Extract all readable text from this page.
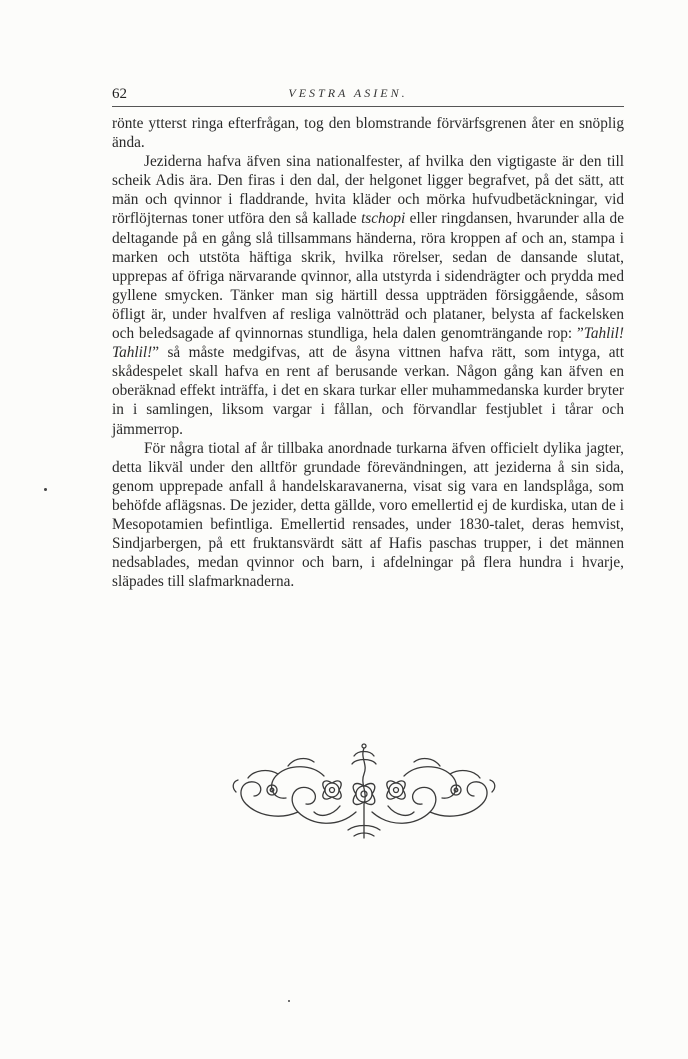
62	VESTRA ASIEN.

rönte ytterst ringa efterfrågan, tog den blomstrande förvärfsgrenen åter en snöplig ända.

Jeziderna hafva äfven sina nationalfester, af hvilka den vigtigaste är den till scheik Adis ära. Den firas i den dal, der helgonet ligger begrafvet, på det sätt, att män och qvinnor i fladdrande, hvita kläder och mörka hufvudbetäckningar, vid rörflöjternas toner utföra den så kallade tschopi eller ringdansen, hvarunder alla de deltagande på en gång slå tillsammans händerna, röra kroppen af och an, stampa i marken och utstöta häftiga skrik, hvilka rörelser, sedan de dansande slutat, upprepas af öfriga närvarande qvinnor, alla utstyrda i sidendrägter och prydda med gyllene smycken. Tänker man sig härtill dessa uppträden försiggående, såsom öfligt är, under hvalfven af resliga valnötträd och plataner, belysta af fackelsken och beledsagade af qvinnornas stundliga, hela dalen genomträngande rop: ”Tahlil! Tahlil!” så måste medgifvas, att de åsyna vittnen hafva rätt, som intyga, att skådespelet skall hafva en rent af berusande verkan. Någon gång kan äfven en oberäknad effekt inträffa, i det en skara turkar eller muhammedanska kurder bryter in i samlingen, liksom vargar i fållan, och förvandlar festjublet i tårar och jämmerrop.

För några tiotal af år tillbaka anordnade turkarna äfven officielt dylika jagter, detta likväl under den alltför grundade förevändningen, att jeziderna å sin sida, genom upprepade anfall å handelskaravanerna, visat sig vara en landsplåga, som behöfde aflägsnas. De jezider, detta gällde, voro emellertid ej de kurdiska, utan de i Mesopotamien befintliga. Emellertid rensades, under 1830-talet, deras hemvist, Sindjarbergen, på ett fruktansvärdt sätt af Hafis paschas trupper, i det männen nedsablades, medan qvinnor och barn, i afdelningar på flera hundra i hvarje, släpades till slafmarknaderna.
